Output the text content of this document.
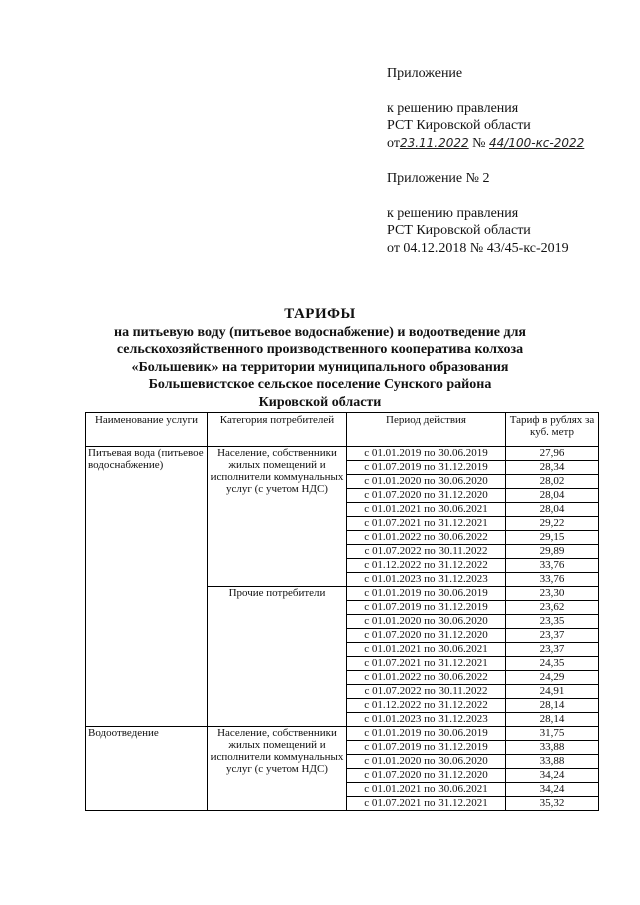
Приложение
к решению правления
РСТ Кировской области
от23.11.2022 № 44/100-кс-2022
Приложение № 2
к решению правления
РСТ Кировской области
от 04.12.2018 № 43/45-кс-2019
ТАРИФЫ
на питьевую воду (питьевое водоснабжение) и водоотведение для
сельскохозяйственного производственного кооператива колхоза
«Большевик» на территории муниципального образования
Большевистское сельское поселение Сунского района
Кировской области
Наименование услуги	Категория потребителей	Период действия	Тариф в рублях за куб. метр
Питьевая вода (питьевое водоснабжение)	Население, собственники жилых помещений и исполнители коммунальных услуг (с учетом НДС)	с 01.01.2019 по 30.06.2019	27,96
		с 01.07.2019 по 31.12.2019	28,34
		с 01.01.2020 по 30.06.2020	28,02
		с 01.07.2020 по 31.12.2020	28,04
		с 01.01.2021 по 30.06.2021	28,04
		с 01.07.2021 по 31.12.2021	29,22
		с 01.01.2022 по 30.06.2022	29,15
		с 01.07.2022 по 30.11.2022	29,89
		с 01.12.2022 по 31.12.2022	33,76
		с 01.01.2023 по 31.12.2023	33,76
	Прочие потребители	с 01.01.2019 по 30.06.2019	23,30
		с 01.07.2019 по 31.12.2019	23,62
		с 01.01.2020 по 30.06.2020	23,35
		с 01.07.2020 по 31.12.2020	23,37
		с 01.01.2021 по 30.06.2021	23,37
		с 01.07.2021 по 31.12.2021	24,35
		с 01.01.2022 по 30.06.2022	24,29
		с 01.07.2022 по 30.11.2022	24,91
		с 01.12.2022 по 31.12.2022	28,14
		с 01.01.2023 по 31.12.2023	28,14
Водоотведение	Население, собственники жилых помещений и исполнители коммунальных услуг (с учетом НДС)	с 01.01.2019 по 30.06.2019	31,75
		с 01.07.2019 по 31.12.2019	33,88
		с 01.01.2020 по 30.06.2020	33,88
		с 01.07.2020 по 31.12.2020	34,24
		с 01.01.2021 по 30.06.2021	34,24
		с 01.07.2021 по 31.12.2021	35,32
